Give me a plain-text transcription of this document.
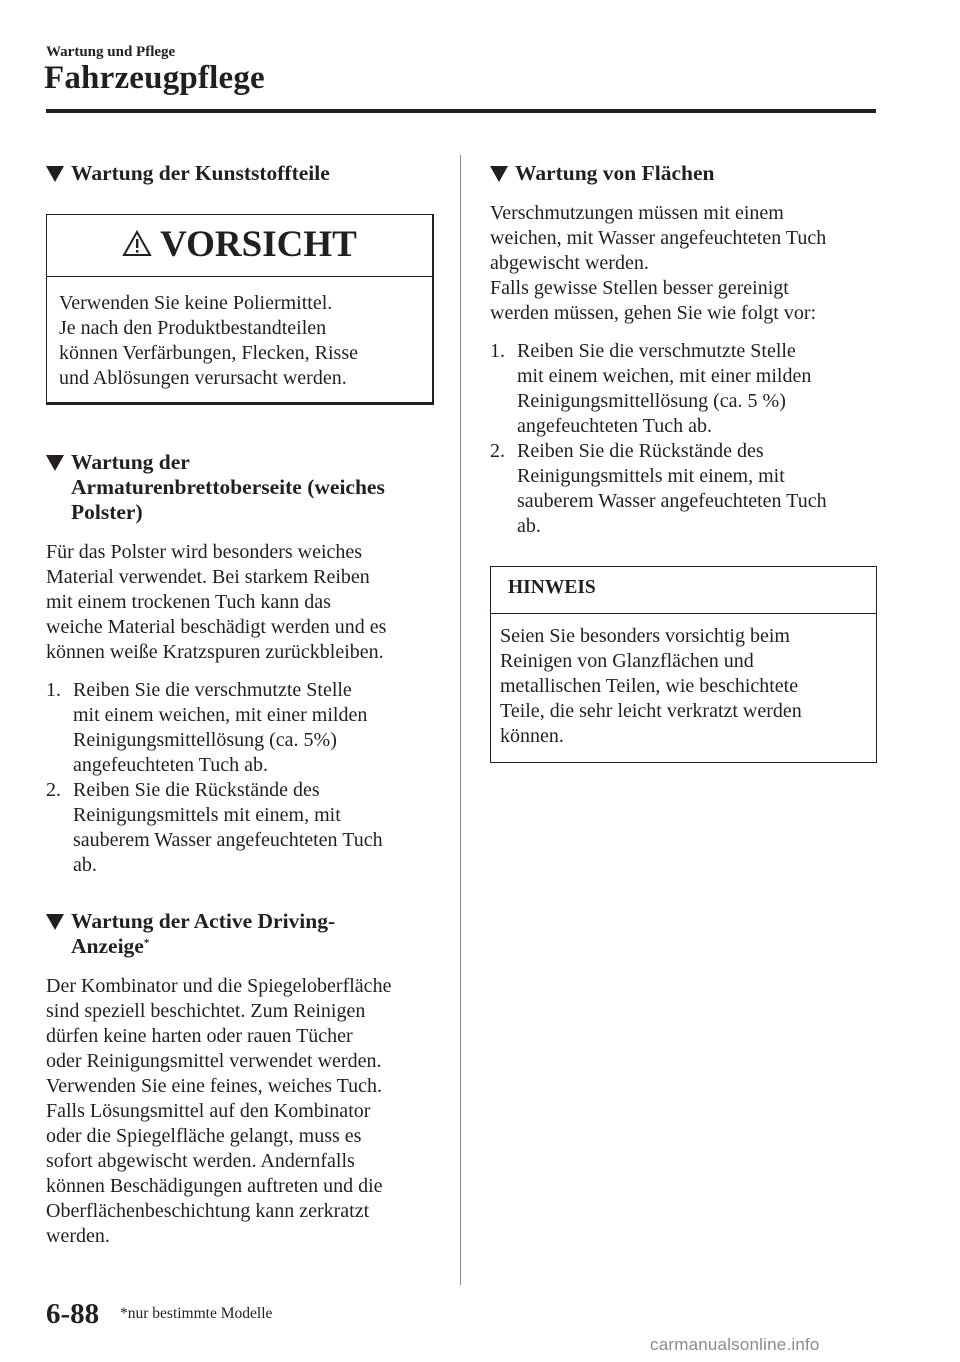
Wartung und Pflege
Fahrzeugpflege
Wartung der Kunststoffteile
VORSICHT
Verwenden Sie keine Poliermittel.
Je nach den Produktbestandteilen
können Verfärbungen, Flecken, Risse
und Ablösungen verursacht werden.
Wartung der
Armaturenbrettoberseite (weiches
Polster)
Für das Polster wird besonders weiches
Material verwendet. Bei starkem Reiben
mit einem trockenen Tuch kann das
weiche Material beschädigt werden und es
können weiße Kratzspuren zurückbleiben.
1. Reiben Sie die verschmutzte Stelle
mit einem weichen, mit einer milden
Reinigungsmittellösung (ca. 5%)
angefeuchteten Tuch ab.
2. Reiben Sie die Rückstände des
Reinigungsmittels mit einem, mit
sauberem Wasser angefeuchteten Tuch
ab.
Wartung der Active Driving-
Anzeige*
Der Kombinator und die Spiegeloberfläche
sind speziell beschichtet. Zum Reinigen
dürfen keine harten oder rauen Tücher
oder Reinigungsmittel verwendet werden.
Verwenden Sie eine feines, weiches Tuch.
Falls Lösungsmittel auf den Kombinator
oder die Spiegelfläche gelangt, muss es
sofort abgewischt werden. Andernfalls
können Beschädigungen auftreten und die
Oberflächenbeschichtung kann zerkratzt
werden.
Wartung von Flächen
Verschmutzungen müssen mit einem
weichen, mit Wasser angefeuchteten Tuch
abgewischt werden.
Falls gewisse Stellen besser gereinigt
werden müssen, gehen Sie wie folgt vor:
1. Reiben Sie die verschmutzte Stelle
mit einem weichen, mit einer milden
Reinigungsmittellösung (ca. 5 %)
angefeuchteten Tuch ab.
2. Reiben Sie die Rückstände des
Reinigungsmittels mit einem, mit
sauberem Wasser angefeuchteten Tuch
ab.
HINWEIS
Seien Sie besonders vorsichtig beim
Reinigen von Glanzflächen und
metallischen Teilen, wie beschichtete
Teile, die sehr leicht verkratzt werden
können.
6-88 *nur bestimmte Modelle
carmanualsonline.info
